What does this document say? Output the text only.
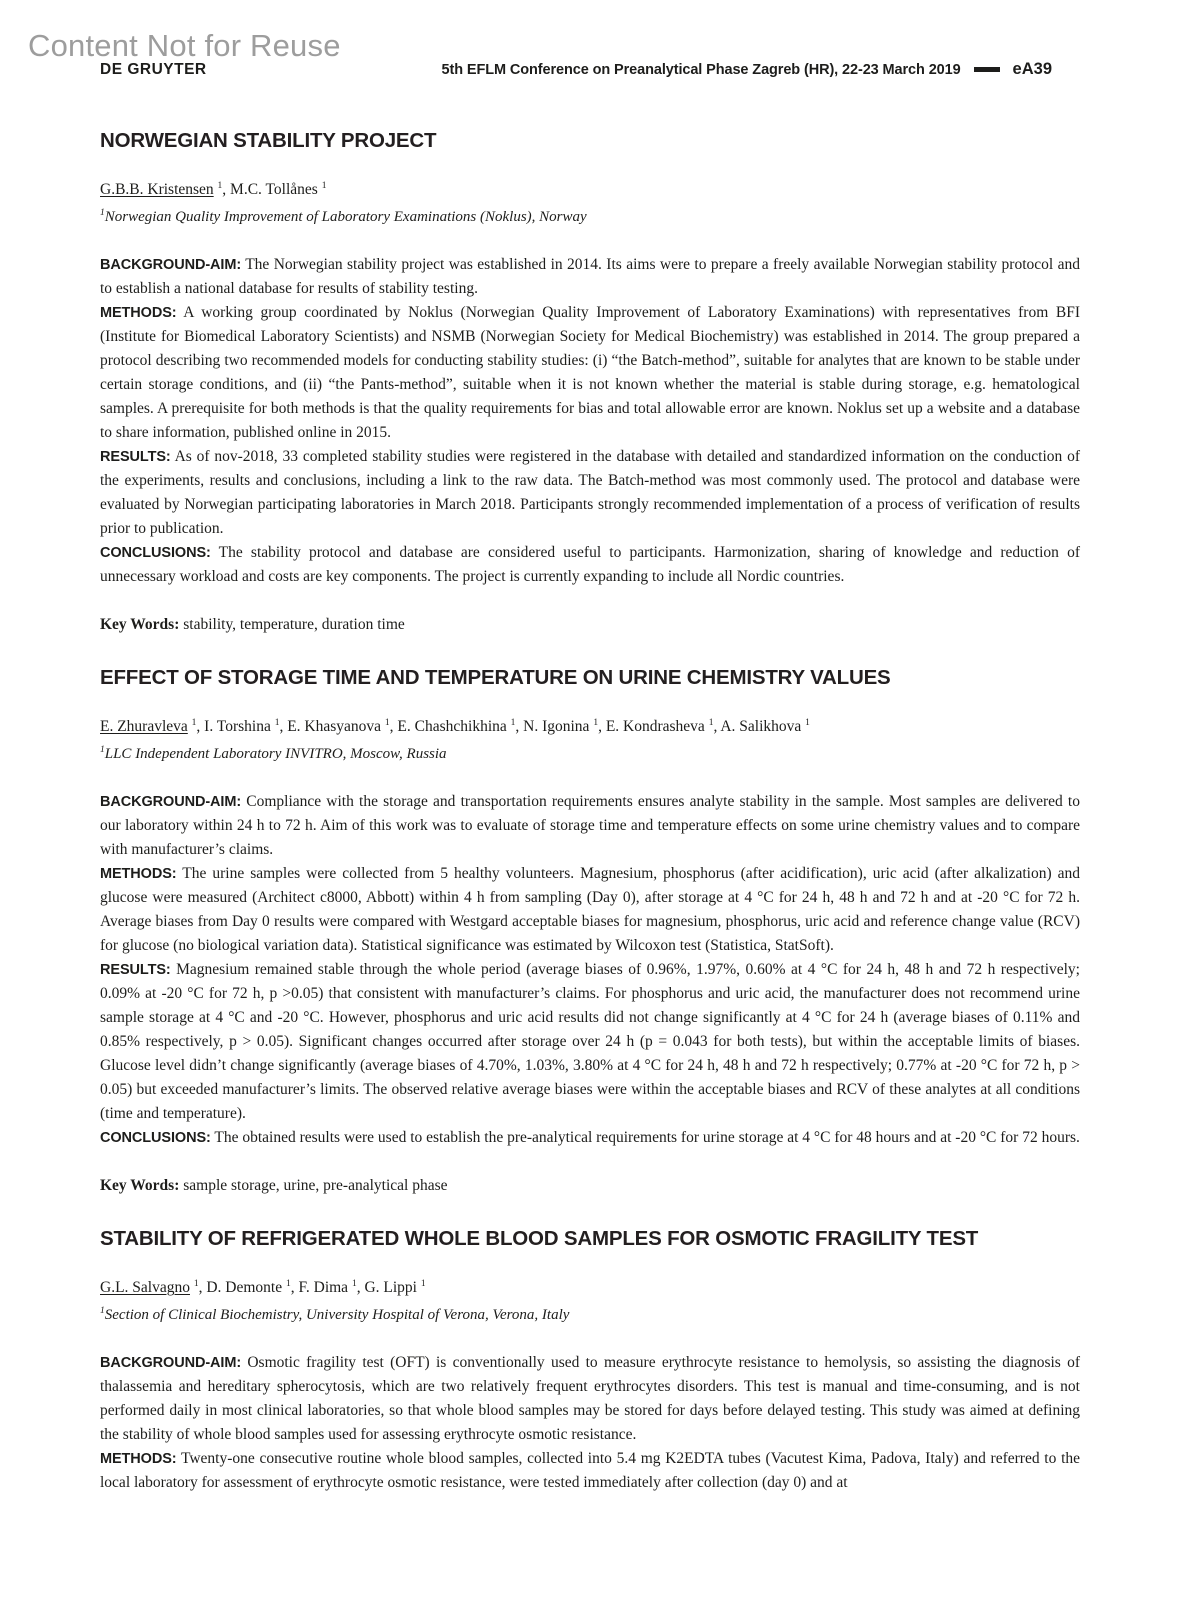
Content Not for Reuse
DE GRUYTER	5th EFLM Conference on Preanalytical Phase Zagreb (HR), 22-23 March 2019	eA39
NORWEGIAN STABILITY PROJECT

G.B.B. Kristensen $^1$, M.C. Tollånes $^1$

$^1$Norwegian Quality Improvement of Laboratory Examinations (Noklus), Norway

BACKGROUND-AIM: The Norwegian stability project was established in 2014. Its aims were to prepare a freely available Norwegian stability protocol and to establish a national database for results of stability testing.

METHODS: A working group coordinated by Noklus (Norwegian Quality Improvement of Laboratory Examinations) with representatives from BFI (Institute for Biomedical Laboratory Scientists) and NSMB (Norwegian Society for Medical Biochemistry) was established in 2014. The group prepared a protocol describing two recommended models for conducting stability studies: (i) “the Batch-method”, suitable for analytes that are known to be stable under certain storage conditions, and (ii) “the Pants-method”, suitable when it is not known whether the material is stable during storage, e.g. hematological samples. A prerequisite for both methods is that the quality requirements for bias and total allowable error are known. Noklus set up a website and a database to share information, published online in 2015.

RESULTS: As of nov-2018, 33 completed stability studies were registered in the database with detailed and standardized information on the conduction of the experiments, results and conclusions, including a link to the raw data. The Batch-method was most commonly used. The protocol and database were evaluated by Norwegian participating laboratories in March 2018. Participants strongly recommended implementation of a process of verification of results prior to publication.

CONCLUSIONS: The stability protocol and database are considered useful to participants. Harmonization, sharing of knowledge and reduction of unnecessary workload and costs are key components. The project is currently expanding to include all Nordic countries.

Key Words: stability, temperature, duration time

EFFECT OF STORAGE TIME AND TEMPERATURE ON URINE CHEMISTRY VALUES

E. Zhuravleva $^1$, I. Torshina $^1$, E. Khasyanova $^1$, E. Chashchikhina $^1$, N. Igonina $^1$, E. Kondrasheva $^1$, A. Salikhova $^1$

$^1$LLC Independent Laboratory INVITRO, Moscow, Russia

BACKGROUND-AIM: Compliance with the storage and transportation requirements ensures analyte stability in the sample. Most samples are delivered to our laboratory within 24 h to 72 h. Aim of this work was to evaluate of storage time and temperature effects on some urine chemistry values and to compare with manufacturer’s claims.

METHODS: The urine samples were collected from 5 healthy volunteers. Magnesium, phosphorus (after acidification), uric acid (after alkalization) and glucose were measured (Architect c8000, Abbott) within 4 h from sampling (Day 0), after storage at 4 °C for 24 h, 48 h and 72 h and at -20 °C for 72 h. Average biases from Day 0 results were compared with Westgard acceptable biases for magnesium, phosphorus, uric acid and reference change value (RCV) for glucose (no biological variation data). Statistical significance was estimated by Wilcoxon test (Statistica, StatSoft).

RESULTS: Magnesium remained stable through the whole period (average biases of 0.96%, 1.97%, 0.60% at 4 °C for 24 h, 48 h and 72 h respectively; 0.09% at -20 °C for 72 h, p >0.05) that consistent with manufacturer’s claims. For phosphorus and uric acid, the manufacturer does not recommend urine sample storage at 4 °C and -20 °C. However, phosphorus and uric acid results did not change significantly at 4 °C for 24 h (average biases of 0.11% and 0.85% respectively, p > 0.05). Significant changes occurred after storage over 24 h (p = 0.043 for both tests), but within the acceptable limits of biases. Glucose level didn’t change significantly (average biases of 4.70%, 1.03%, 3.80% at 4 °C for 24 h, 48 h and 72 h respectively; 0.77% at -20 °C for 72 h, p > 0.05) but exceeded manufacturer’s limits. The observed relative average biases were within the acceptable biases and RCV of these analytes at all conditions (time and temperature).

CONCLUSIONS: The obtained results were used to establish the pre-analytical requirements for urine storage at 4 °C for 48 hours and at -20 °C for 72 hours.

Key Words: sample storage, urine, pre-analytical phase

STABILITY OF REFRIGERATED WHOLE BLOOD SAMPLES FOR OSMOTIC FRAGILITY TEST

G.L. Salvagno $^1$, D. Demonte $^1$, F. Dima $^1$, G. Lippi $^1$

$^1$Section of Clinical Biochemistry, University Hospital of Verona, Verona, Italy

BACKGROUND-AIM: Osmotic fragility test (OFT) is conventionally used to measure erythrocyte resistance to hemolysis, so assisting the diagnosis of thalassemia and hereditary spherocytosis, which are two relatively frequent erythrocytes disorders. This test is manual and time-consuming, and is not performed daily in most clinical laboratories, so that whole blood samples may be stored for days before delayed testing. This study was aimed at defining the stability of whole blood samples used for assessing erythrocyte osmotic resistance.

METHODS: Twenty-one consecutive routine whole blood samples, collected into 5.4 mg K2EDTA tubes (Vacutest Kima, Padova, Italy) and referred to the local laboratory for assessment of erythrocyte osmotic resistance, were tested immediately after collection (day 0) and at
